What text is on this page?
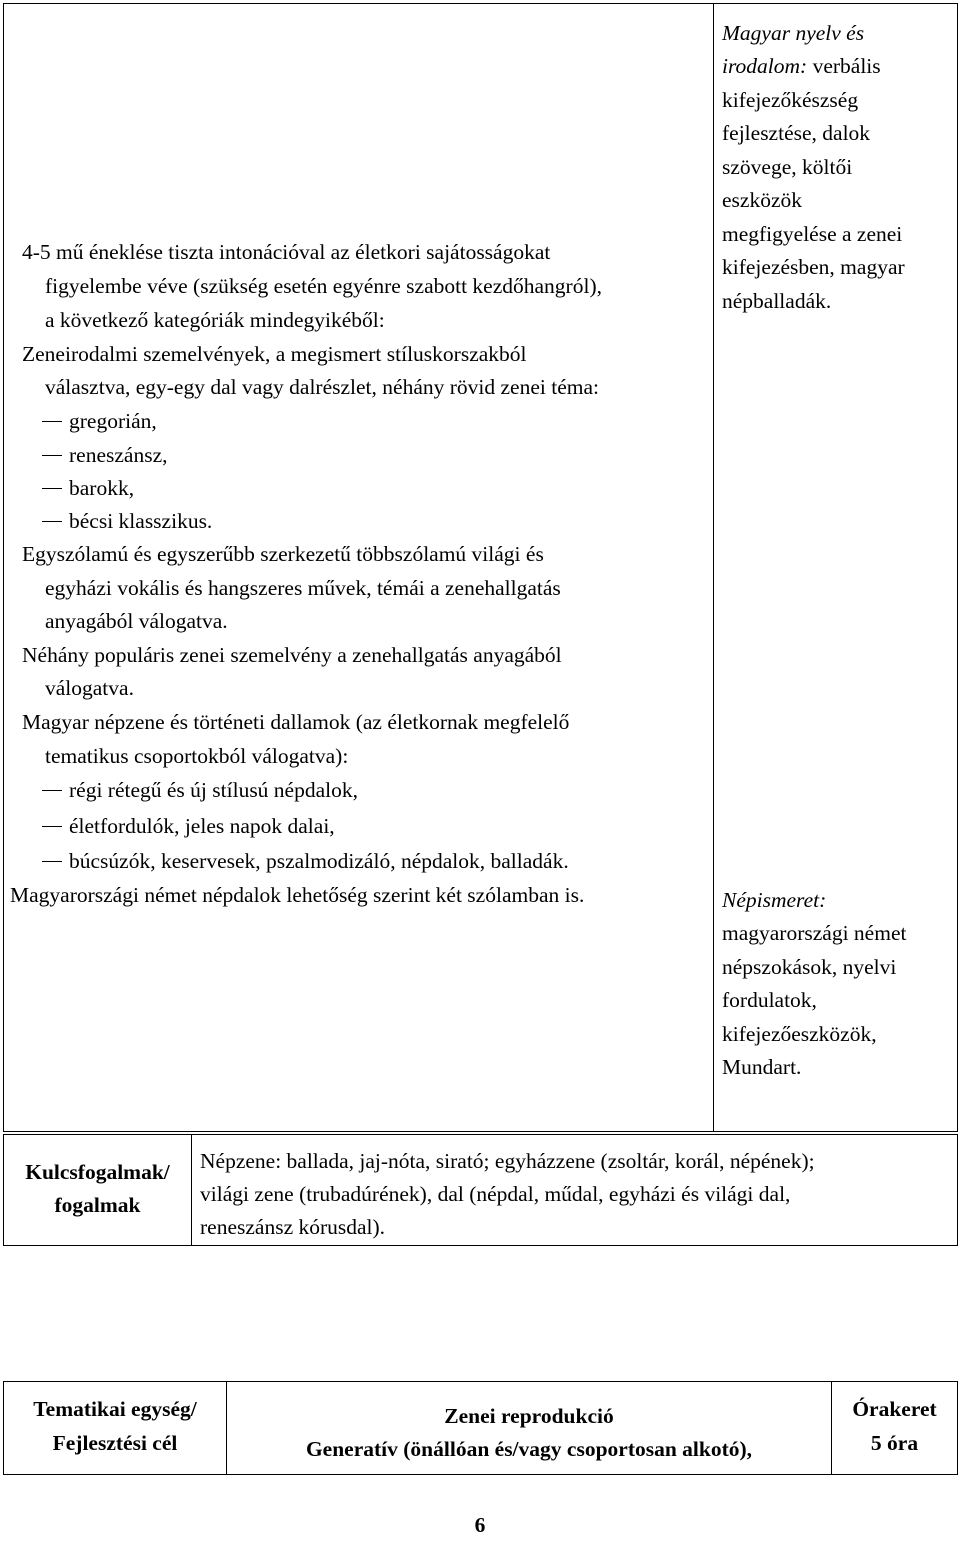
4-5 mű éneklése tiszta intonációval az életkori sajátosságokat
figyelembe véve (szükség esetén egyénre szabott kezdőhangról),
a következő kategóriák mindegyikéből:
Zeneirodalmi szemelvények, a megismert stíluskorszakból
választva, egy-egy dal vagy dalrészlet, néhány rövid zenei téma:
gregorián,
reneszánsz,
barokk,
bécsi klasszikus.
Egyszólamú és egyszerűbb szerkezetű többszólamú világi és
egyházi vokális és hangszeres művek, témái a zenehallgatás
anyagából válogatva.
Néhány populáris zenei szemelvény a zenehallgatás anyagából
válogatva.
Magyar népzene és történeti dallamok (az életkornak megfelelő
tematikus csoportokból válogatva):
régi rétegű és új stílusú népdalok,
életfordulók, jeles napok dalai,
búcsúzók, keservesek, pszalmodizáló, népdalok, balladák.
Magyarországi német népdalok lehetőség szerint két szólamban is.
Magyar nyelv és
irodalom: verbális
kifejezőkészség
fejlesztése, dalok
szövege, költői
eszközök
megfigyelése a zenei
kifejezésben, magyar
népballadák.
Népismeret:
magyarországi német
népszokások, nyelvi
fordulatok,
kifejezőeszközök,
Mundart.
Kulcsfogalmak/
fogalmak
Népzene: ballada, jaj-nóta, sirató; egyházzene (zsoltár, korál, népének);
világi zene (trubadúrének), dal (népdal, műdal, egyházi és világi dal,
reneszánsz kórusdal).
Tematikai egység/
Fejlesztési cél
Zenei reprodukció
Generatív (önállóan és/vagy csoportosan alkotó),
Órakeret
5 óra
6
